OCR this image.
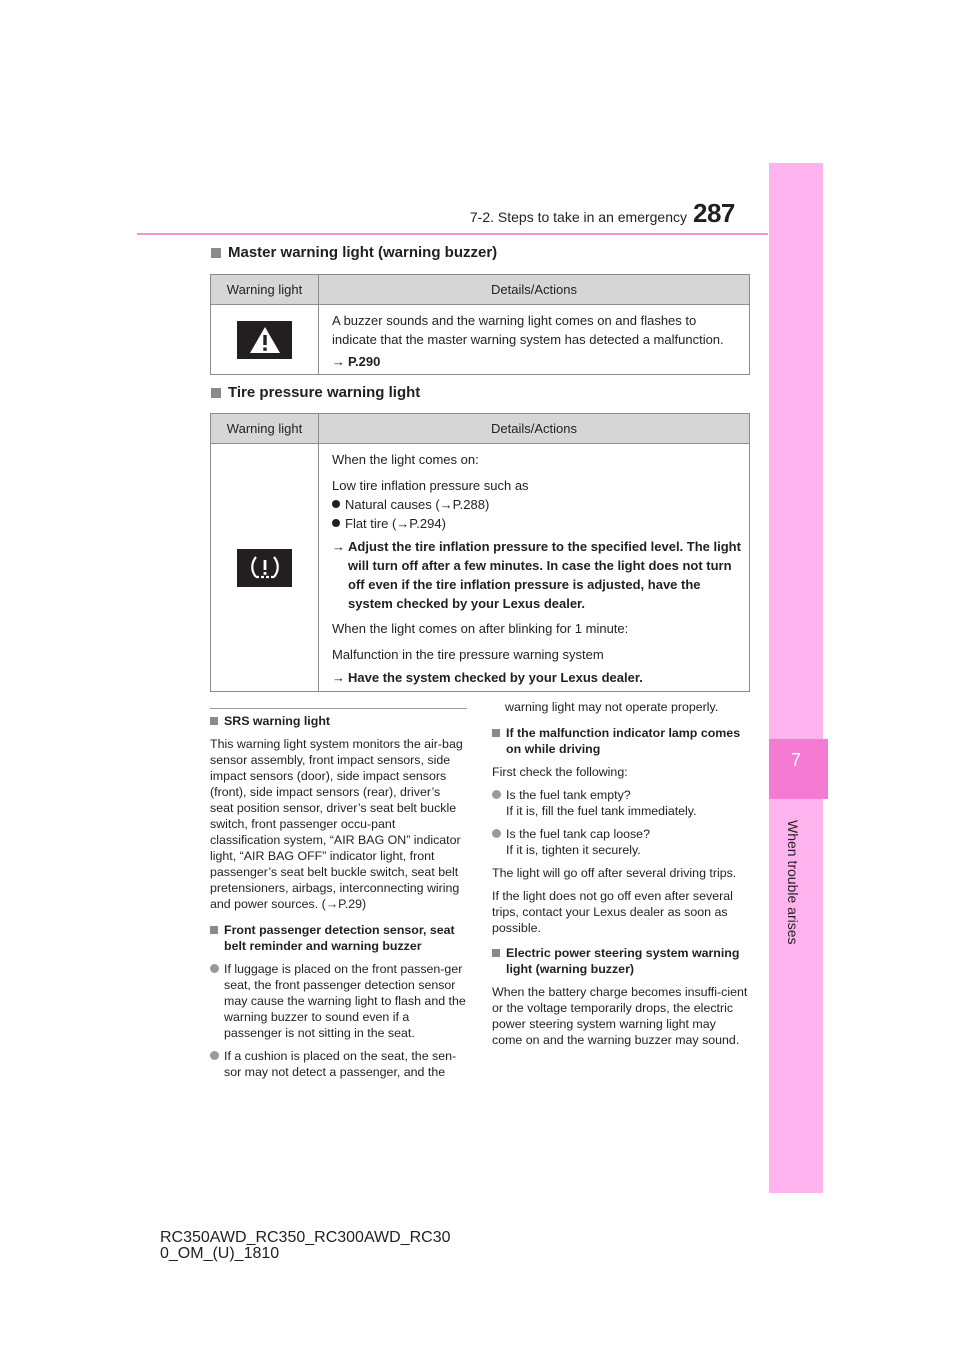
7-2. Steps to take in an emergency 287
7
When trouble arises
Master warning light (warning buzzer)
Warning light	Details/Actions

A buzzer sounds and the warning light comes on and flashes to indicate that the master warning system has detected a malfunction.

→ P.290
Tire pressure warning light
Warning light	Details/Actions

When the light comes on:

Low tire inflation pressure such as

Natural causes (→P.288)

Flat tire (→P.294)

→ Adjust the tire inflation pressure to the specified level. The light will turn off after a few minutes. In case the light does not turn off even if the tire inflation pressure is adjusted, have the system checked by your Lexus dealer.

When the light comes on after blinking for 1 minute:

Malfunction in the tire pressure warning system

→ Have the system checked by your Lexus dealer.
SRS warning light

This warning light system monitors the air-bag sensor assembly, front impact sensors, side impact sensors (door), side impact sensors (front), side impact sensors (rear), driver’s seat position sensor, driver’s seat belt buckle switch, front passenger occu-pant classification system, “AIR BAG ON” indicator light, “AIR BAG OFF” indicator light, front passenger’s seat belt buckle switch, seat belt pretensioners, airbags, interconnecting wiring and power sources. (→P.29)

Front passenger detection sensor, seat belt reminder and warning buzzer
If luggage is placed on the front passen-ger seat, the front passenger detection sensor may cause the warning light to flash and the warning buzzer to sound even if a passenger is not sitting in the seat.
If a cushion is placed on the seat, the sen-sor may not detect a passenger, and the

warning light may not operate properly.

If the malfunction indicator lamp comes on while driving

First check the following:

Is the fuel tank empty?
If it is, fill the fuel tank immediately.
Is the fuel tank cap loose?
If it is, tighten it securely.

The light will go off after several driving trips.

If the light does not go off even after several trips, contact your Lexus dealer as soon as possible.

Electric power steering system warning light (warning buzzer)

When the battery charge becomes insuffi-cient or the voltage temporarily drops, the electric power steering system warning light may come on and the warning buzzer may sound.

RC350AWD_RC350_RC300AWD_RC30
0_OM_(U)_1810
